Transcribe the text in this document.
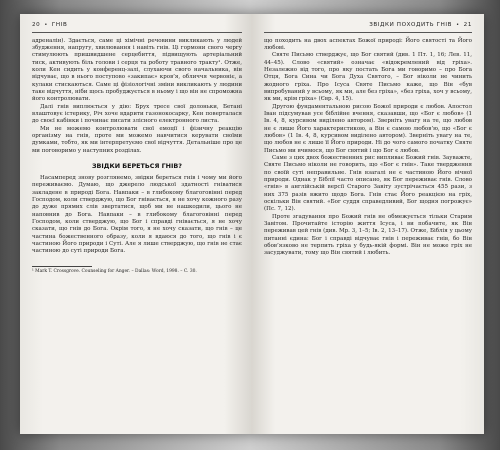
20 • ГНІВ

адреналін). Здається, саме ці хімічні речовини викликають у людей збудження, напругу, хвилювання і навіть гнів. Ці гормони свого чергу стимулюють пришвидшене серцебиття, підвищують артеріальний тиск, активують біль голови і серця та роботу травного тракту¹. Отже, коли Кен сидить у конференц-залі, слухаючи свого начальника, він відчуває, що в нього поступово «закипає» кров’я, обличчя червоніє, а кулаки стискаються. Саме ці фізіологічні зміни викликають у людини таке відчуття, ніби щось пробуджується в ньому і що він не спроможна його контролювати.

Далі гнів виплюється у дію: Брух тресе свої долоньки, Бетані влаштовує істерику, Річ хоче вдарити газонокосарку, Кен поверталася до своєї кабінки і починає писати злісного електронного листа.

Ми не можемо контролювати свої емоції і фізичну реакцію організму на гнів, проте ми можемо навчитися керувати своїми думками, тобто, як ми інтерпретуємо свої відчуття. Детальніше про це ми поговоримо у наступних розділах.

ЗВІДКИ БЕРЕТЬСЯ ГНІВ?

Насамперед знову розглянемо, звідки береться гнів і чому ми його переживаємо. Думаю, що джерело людської здатності гніватися закладене в природі Бога. Навпаки – в глибокому благоговінні перед Господом, коли стверджую, що Бог гнівається, я не хочу кожного разу до дуже прямих слів звертатися, щоб ми не нашкодили, цього не наповнив до Бога. Навпаки – в глибокому благоговінні перед Господом, коли стверджую, що Бог і справді гнівається, я не хочу сказати, що гнів до Бога. Окрім того, я не хочу сказати, що гнів – це частина божественного образу, коли я вдаюся до того, що гнів і є частиною Його природи і Суті. Але я лише стверджую, що гнів не стає частиною до суті природи Бога.

¹ Mark T. Crossgrove. Counseling for Anger. – Dallas: Word, 1998. – C. 30.
ЗВІДКИ ПОХОДИТЬ ГНІВ • 21

що походить на двох аспектах Божої природі: Його святості та Його любові.

Святе Письмо стверджує, що Бог святий (див. 1 Пт. 1, 16; Лев. 11, 44–45). Слово «святий» означає «відокремлений від гріха». Незалежно від того, про яку постать Бога ми говоримо – про Бога Отця, Бога Сина чи Бога Духа Святого, – Бог ніколи не чинить жодного гріха. Про Ісуса Святе Письмо каже, що Він «був випробуваний у всьому, як ми, але без гріха», «без гріха, хоч у всьому, як ми, крім гріха» (Євр. 4, 15).

Другою фундаментальною рисою Божої природи є любов. Апостол Іван підсумував усе біблійне вчення, сказавши, що «Бог є любов» (1 Ів. 4, 8, курсивом виділено автором). Зверніть увагу на те, що любов не є лише Його характеристикою, а Він є самою любов’ю, що «Бог є любов» (1 Ів. 4, 8, курсивом виділено автором). Зверніть увагу на те, що любов не є лише її Його природи. Ні до чого самого початку Святе Письмо ми вчимося, що Бог святий і що Бог є любов.

Саме з цих двох божественних рис випливає Божий гнів. Зауважте, Святе Письмо ніколи не говорить, що «Бог є гнів». Таке твердження по своїй суті неправильне. Гнів взагалі не є частиною Його вічної природи. Однак у Біблії часто описано, як Бог переживає гнів. Слово «гнів» в англійській версії Старого Завіту зустрічається 455 рази, з них 375 разів вжито щодо Бога. Гнів стає Його реакцією на гріх, оскільки Він святий. «Бог суддя справедливий, Бог щодня погрожує» (Пс. 7, 12).

Проте згадування про Божий гнів не обмежується тільки Старим Завітом. Прочитайте історію життя Ісуса, і ви побачите, як Він переживав цей гнів (див. Мр. 3, 1–5; Ів. 2, 13–17). Отже, Біблія у цьому питанні єдина: Бог і справді відчуває гнів і переживає гнів, бо Він обов’язково не терпить гріха у будь-якій формі. Він не може гріх не засуджувати, тому що Він святий і любить.
